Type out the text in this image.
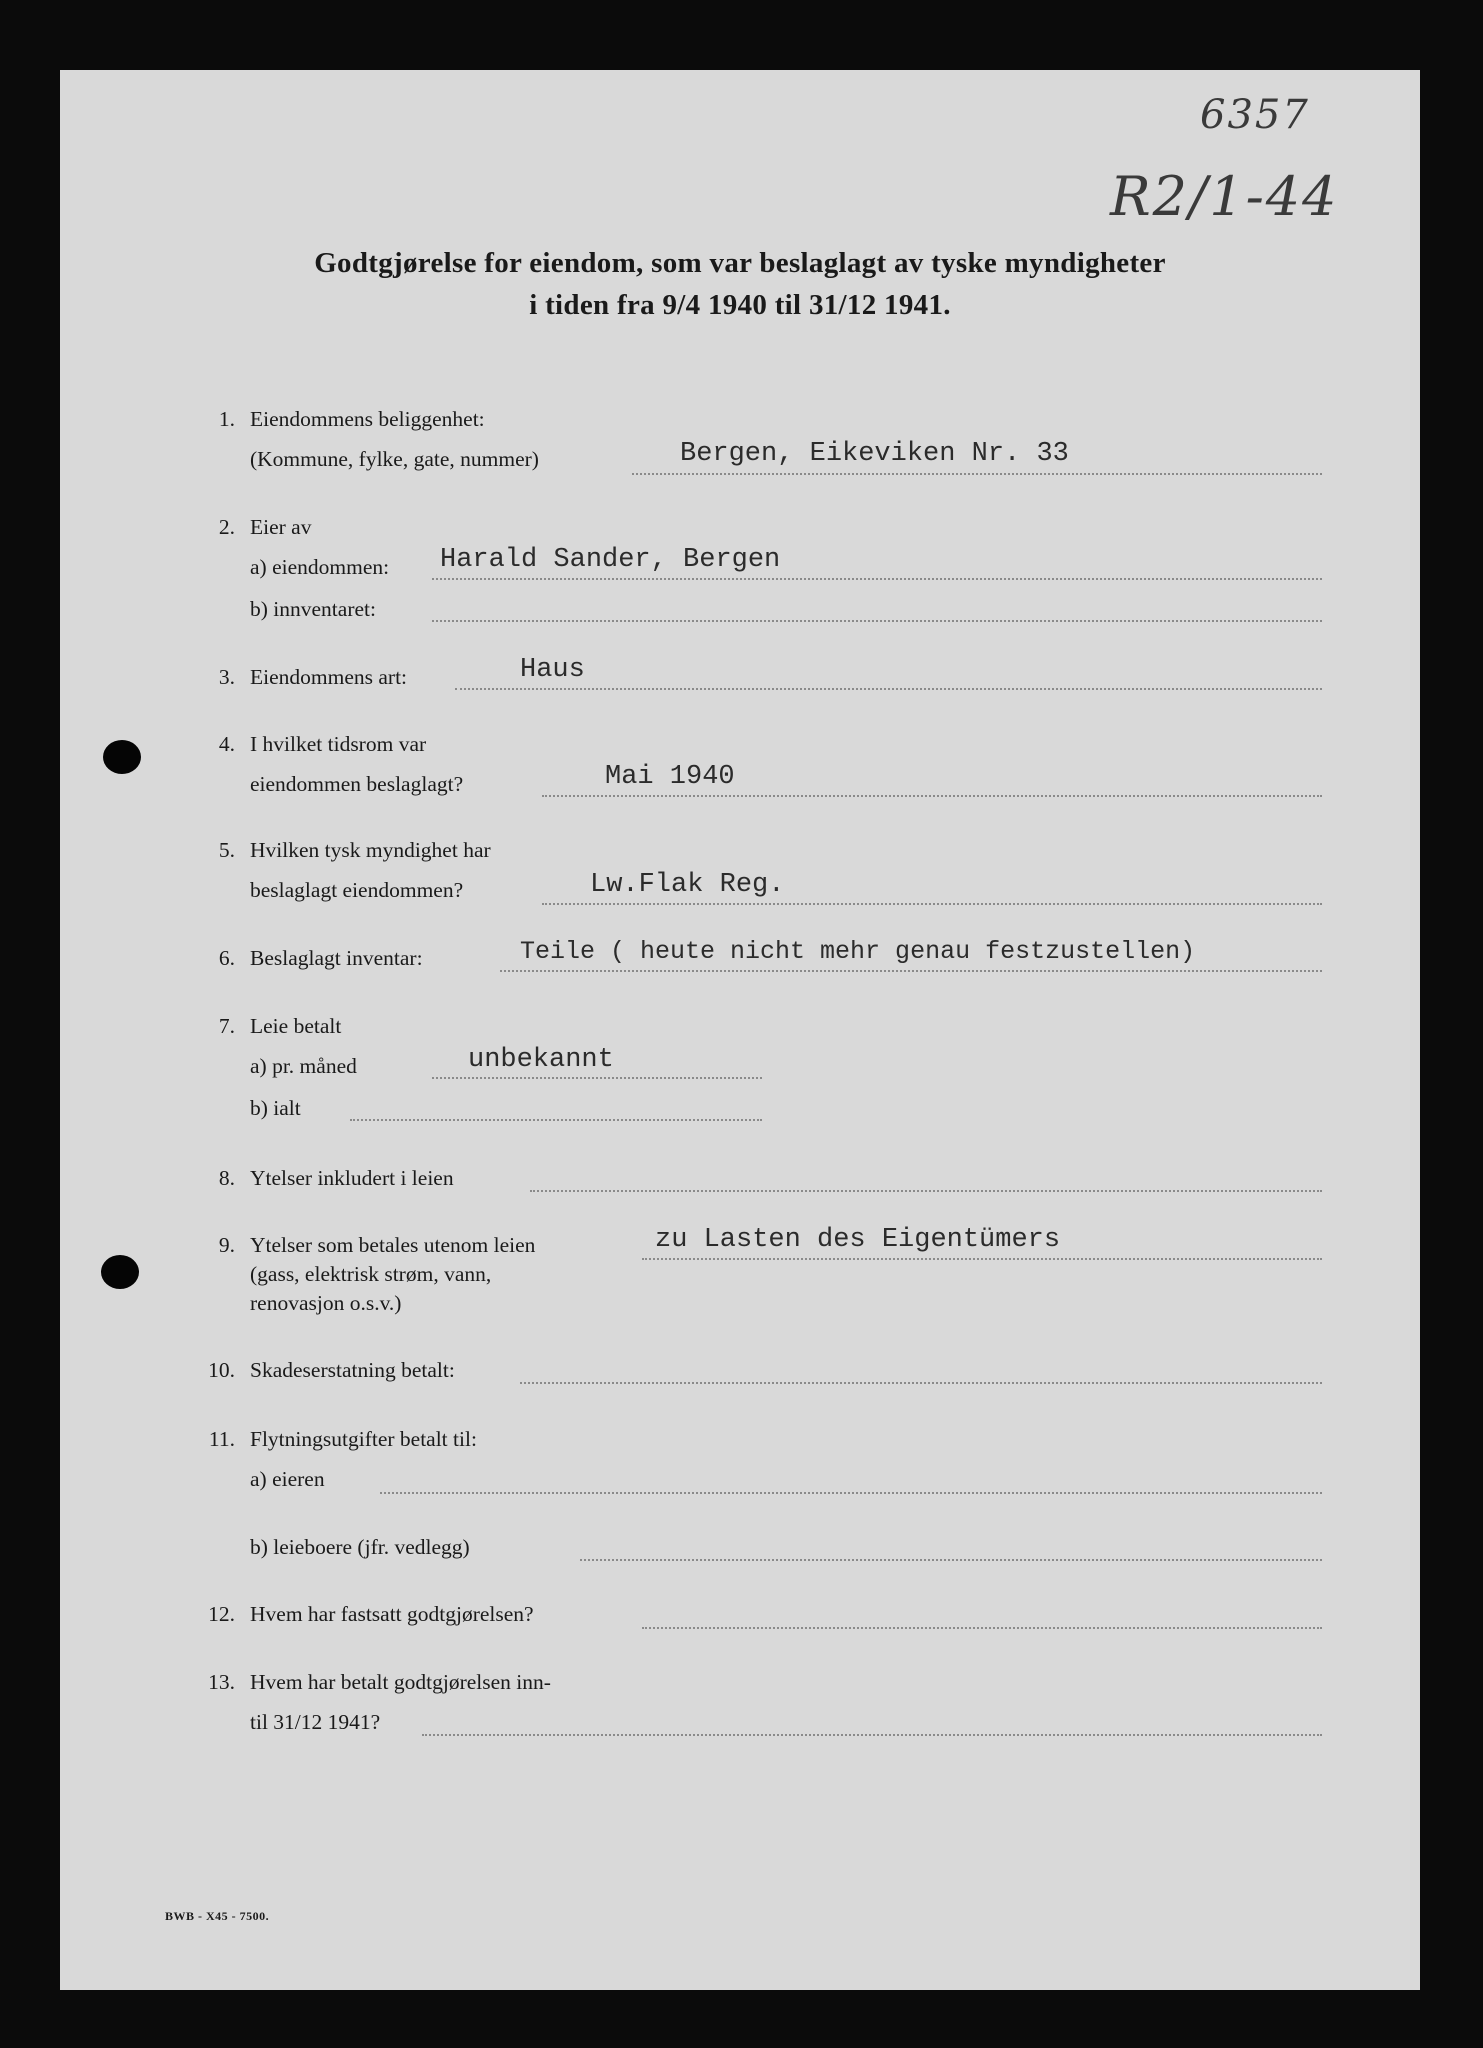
6357
R2/1-44
Godtgjørelse for eiendom, som var beslaglagt av tyske myndigheter
i tiden fra 9/4 1940 til 31/12 1941.
1. Eiendommens beliggenhet:
(Kommune, fylke, gate, nummer)	Bergen, Eikeviken Nr. 33
2. Eier av
a) eiendommen: Harald Sander, Bergen
b) innventaret:
3. Eiendommens art:	Haus
4. I hvilket tidsrom var
eiendommen beslaglagt?	Mai 1940
5. Hvilken tysk myndighet har
beslaglagt eiendommen?	Lw.Flak Reg.
6. Beslaglagt inventar:	Teile ( heute nicht mehr genau festzustellen)
7. Leie betalt
a) pr. måned	unbekannt
b) ialt
8. Ytelser inkludert i leien
9. Ytelser som betales utenom leien
(gass, elektrisk strøm, vann,
renovasjon o.s.v.)
zu Lasten des Eigentümers
10. Skadeserstatning betalt:
11. Flytningsutgifter betalt til:
a) eieren
b) leieboere (jfr. vedlegg)
12. Hvem har fastsatt godtgjørelsen?
13. Hvem har betalt godtgjørelsen inn-
til 31/12 1941?
BWB - X45 - 7500.
